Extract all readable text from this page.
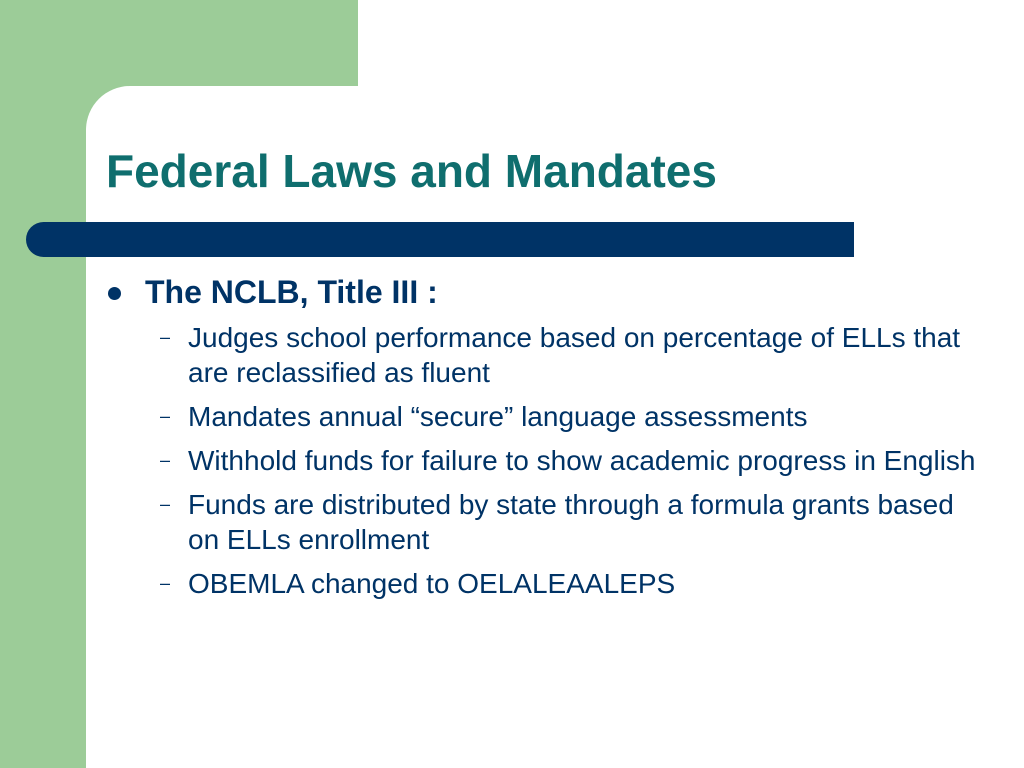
Federal Laws and Mandates
The NCLB, Title III :
– Judges school performance based on percentage of ELLs that are reclassified as fluent
– Mandates annual “secure” language assessments
– Withhold funds for failure to show academic progress in English
– Funds are distributed by state through a formula grants based on ELLs enrollment
– OBEMLA changed to OELALEAALEPS
